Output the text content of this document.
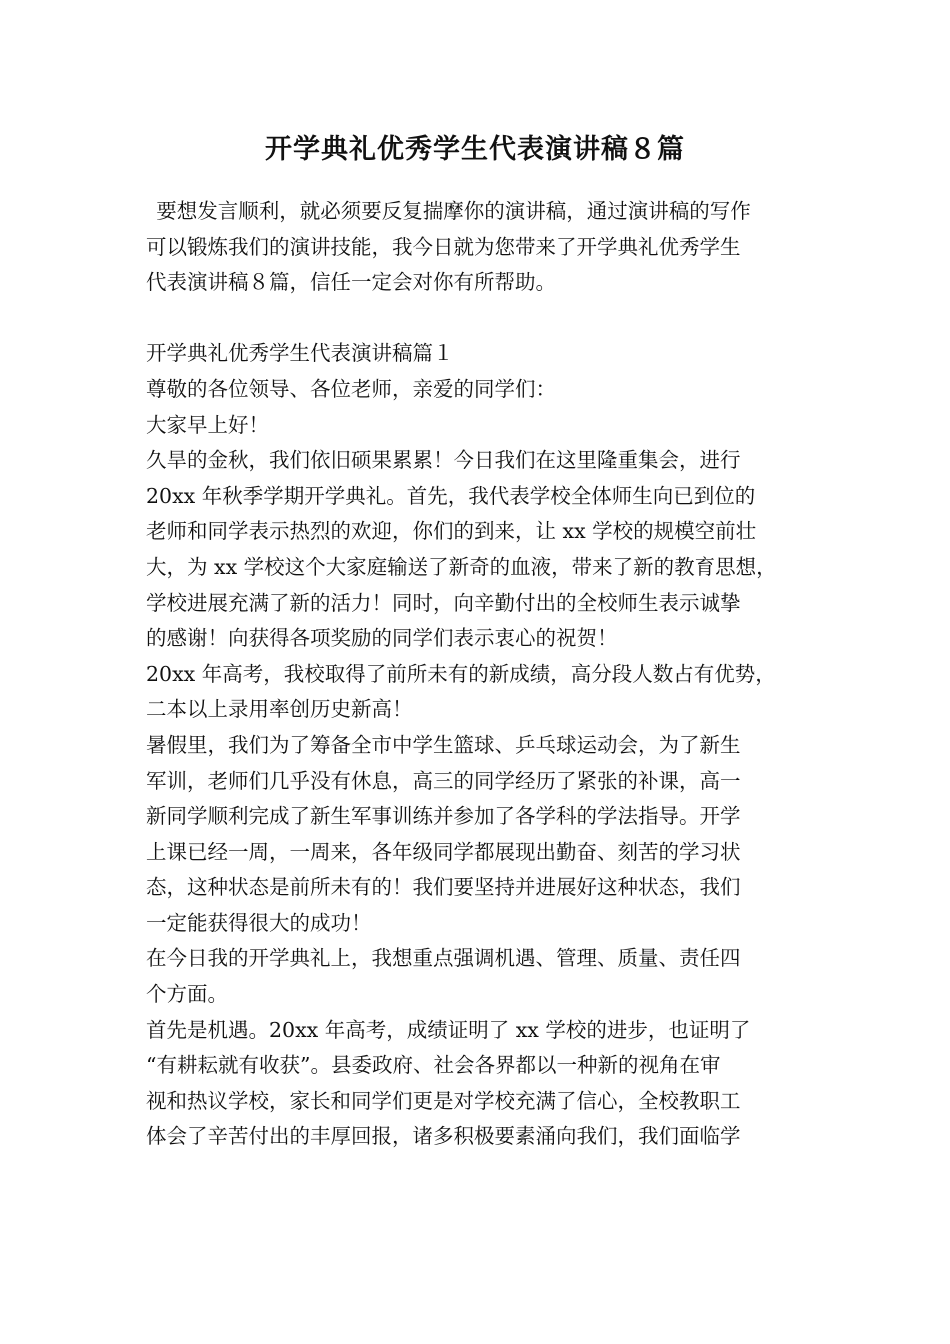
开学典礼优秀学生代表演讲稿８篇
要想发言顺利，就必须要反复揣摩你的演讲稿，通过演讲稿的写作
可以锻炼我们的演讲技能，我今日就为您带来了开学典礼优秀学生
代表演讲稿８篇，信任一定会对你有所帮助。
开学典礼优秀学生代表演讲稿篇１
尊敬的各位领导、各位老师，亲爱的同学们：
大家早上好！
久旱的金秋，我们依旧硕果累累！今日我们在这里隆重集会，进行
20xx 年秋季学期开学典礼。首先，我代表学校全体师生向已到位的
老师和同学表示热烈的欢迎，你们的到来，让 xx 学校的规模空前壮
大，为 xx 学校这个大家庭输送了新奇的血液，带来了新的教育思想，
学校进展充满了新的活力！同时，向辛勤付出的全校师生表示诚挚
的感谢！向获得各项奖励的同学们表示衷心的祝贺！
20xx 年高考，我校取得了前所未有的新成绩，高分段人数占有优势，
二本以上录用率创历史新高！
暑假里，我们为了筹备全市中学生篮球、乒乓球运动会，为了新生
军训，老师们几乎没有休息，高三的同学经历了紧张的补课，高一
新同学顺利完成了新生军事训练并参加了各学科的学法指导。开学
上课已经一周，一周来，各年级同学都展现出勤奋、刻苦的学习状
态，这种状态是前所未有的！我们要坚持并进展好这种状态，我们
一定能获得很大的成功！
在今日我的开学典礼上，我想重点强调机遇、管理、质量、责任四
个方面。
首先是机遇。20xx 年高考，成绩证明了 xx 学校的进步，也证明了
“有耕耘就有收获”。县委政府、社会各界都以一种新的视角在审
视和热议学校，家长和同学们更是对学校充满了信心，全校教职工
体会了辛苦付出的丰厚回报，诸多积极要素涌向我们，我们面临学
